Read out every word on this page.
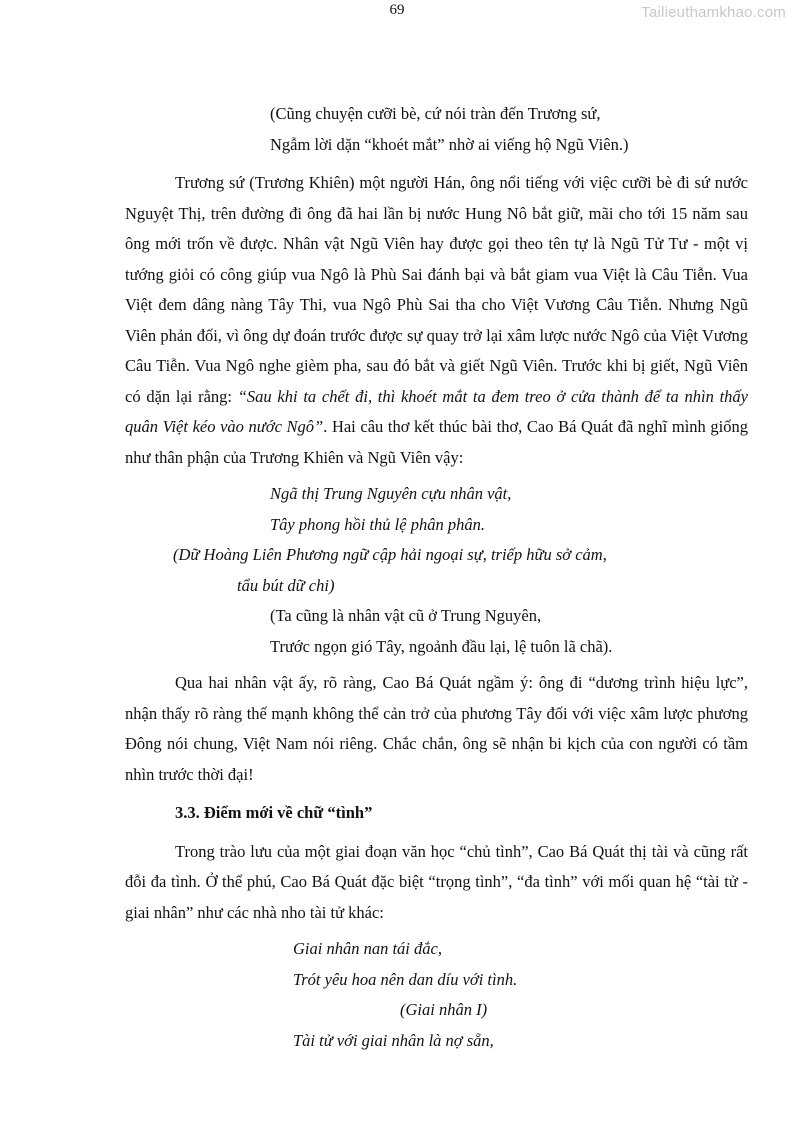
69	Tailieuthamkhao.com
(Cũng chuyện cưỡi bè, cứ nói tràn đến Trương sứ,
Ngẫm lời dặn “khoét mắt” nhờ ai viếng hộ Ngũ Viên.)

Trương sứ (Trương Khiên) một người Hán, ông nổi tiếng với việc cưỡi bè đi sứ nước Nguyệt Thị, trên đường đi ông đã hai lần bị nước Hung Nô bắt giữ, mãi cho tới 15 năm sau ông mới trốn về được. Nhân vật Ngũ Viên hay được gọi theo tên tự là Ngũ Tử Tư - một vị tướng giỏi có công giúp vua Ngô là Phù Sai đánh bại và bắt giam vua Việt là Câu Tiễn. Vua Việt đem dâng nàng Tây Thi, vua Ngô Phù Sai tha cho Việt Vương Câu Tiễn. Nhưng Ngũ Viên phản đối, vì ông dự đoán trước được sự quay trở lại xâm lược nước Ngô của Việt Vương Câu Tiễn. Vua Ngô nghe gièm pha, sau đó bắt và giết Ngũ Viên. Trước khi bị giết, Ngũ Viên có dặn lại rằng: “Sau khi ta chết đi, thì khoét mắt ta đem treo ở cửa thành để ta nhìn thấy quân Việt kéo vào nước Ngô”. Hai câu thơ kết thúc bài thơ, Cao Bá Quát đã nghĩ mình giống như thân phận của Trương Khiên và Ngũ Viên vậy:

Ngã thị Trung Nguyên cựu nhân vật,
Tây phong hồi thủ lệ phân phân.
(Dữ Hoàng Liên Phương ngữ cập hải ngoại sự, triếp hữu sở cảm,
tẩu bút dữ chi)
(Ta cũng là nhân vật cũ ở Trung Nguyên,
Trước ngọn gió Tây, ngoảnh đầu lại, lệ tuôn lã chã).

Qua hai nhân vật ấy, rõ ràng, Cao Bá Quát ngầm ý: ông đi “dương trình hiệu lực”, nhận thấy rõ ràng thế mạnh không thể cản trở của phương Tây đối với việc xâm lược phương Đông nói chung, Việt Nam nói riêng. Chắc chắn, ông sẽ nhận bi kịch của con người có tầm nhìn trước thời đại!

3.3. Điểm mới về chữ “tình”

Trong trào lưu của một giai đoạn văn học “chủ tình”, Cao Bá Quát thị tài và cũng rất đỗi đa tình. Ở thể phú, Cao Bá Quát đặc biệt “trọng tình”, “đa tình” với mối quan hệ “tài tử - giai nhân” như các nhà nho tài tử khác:

Giai nhân nan tái đắc,
Trót yêu hoa nên dan díu với tình.
(Giai nhân I)
Tài tử với giai nhân là nợ sẵn,
